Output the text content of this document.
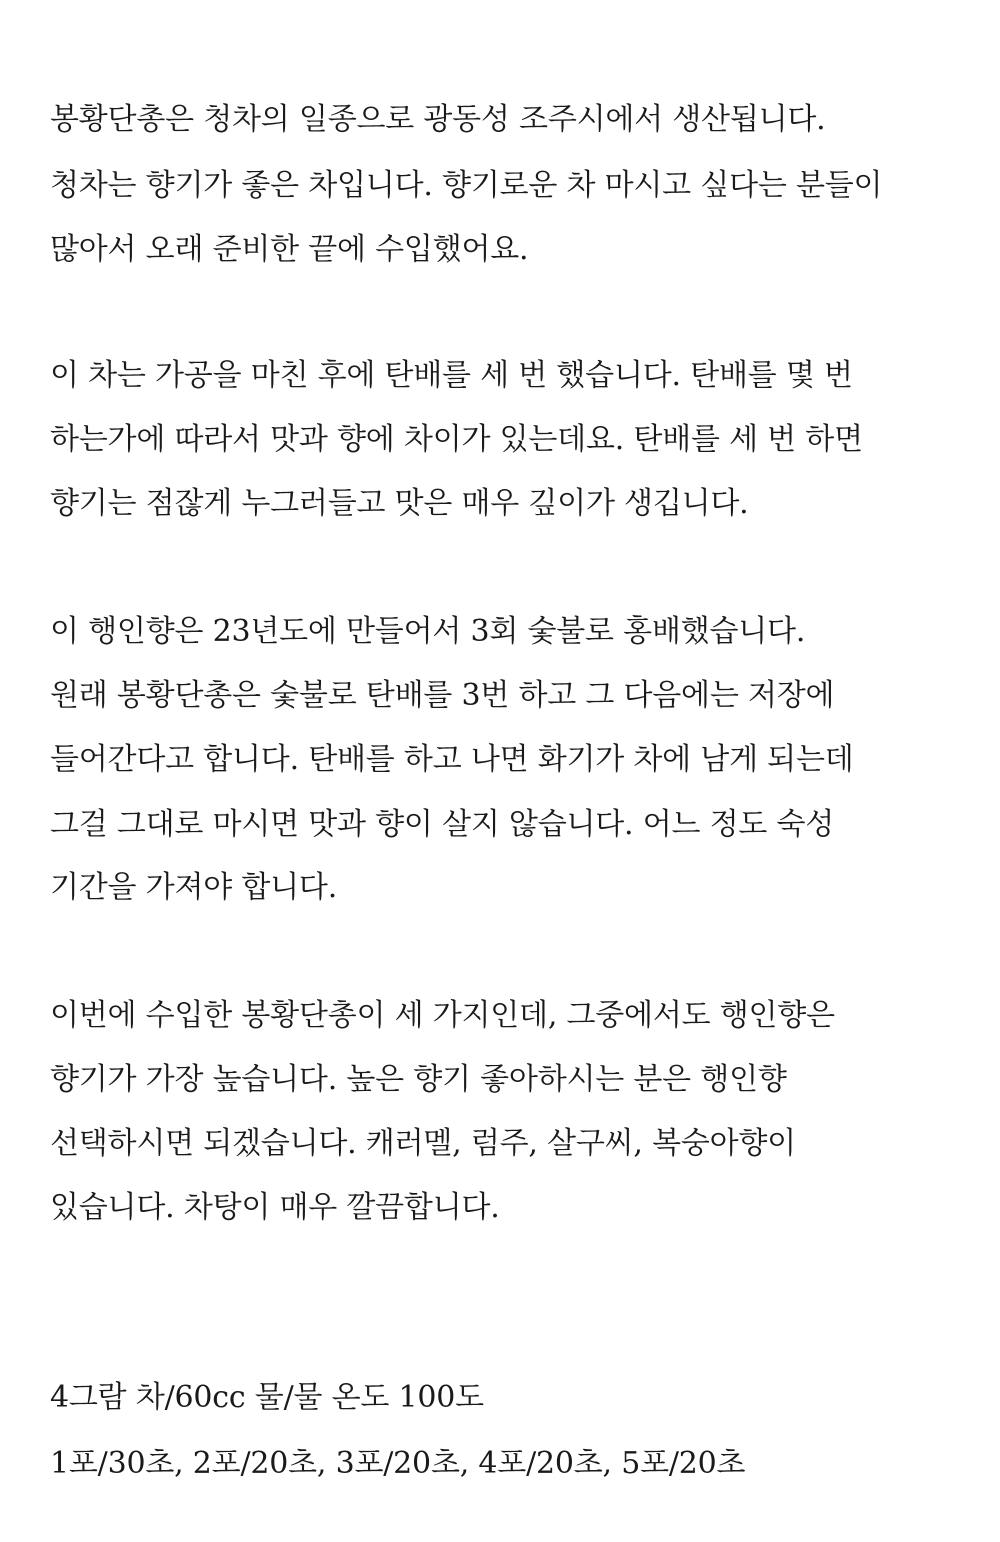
봉황단총은 청차의 일종으로 광동성 조주시에서 생산됩니다.
청차는 향기가 좋은 차입니다. 향기로운 차 마시고 싶다는 분들이
많아서 오래 준비한 끝에 수입했어요.
이 차는 가공을 마친 후에 탄배를 세 번 했습니다. 탄배를 몇 번
하는가에 따라서 맛과 향에 차이가 있는데요. 탄배를 세 번 하면
향기는 점잖게 누그러들고 맛은 매우 깊이가 생깁니다.
이 행인향은 23년도에 만들어서 3회 숯불로 홍배했습니다.
원래 봉황단총은 숯불로 탄배를 3번 하고 그 다음에는 저장에
들어간다고 합니다. 탄배를 하고 나면 화기가 차에 남게 되는데
그걸 그대로 마시면 맛과 향이 살지 않습니다. 어느 정도 숙성
기간을 가져야 합니다.
이번에 수입한 봉황단총이 세 가지인데, 그중에서도 행인향은
향기가 가장 높습니다. 높은 향기 좋아하시는 분은 행인향
선택하시면 되겠습니다. 캐러멜, 럼주, 살구씨, 복숭아향이
있습니다. 차탕이 매우 깔끔합니다.
4그람 차/60cc 물/물 온도 100도
1포/30초, 2포/20초, 3포/20초, 4포/20초, 5포/20초
